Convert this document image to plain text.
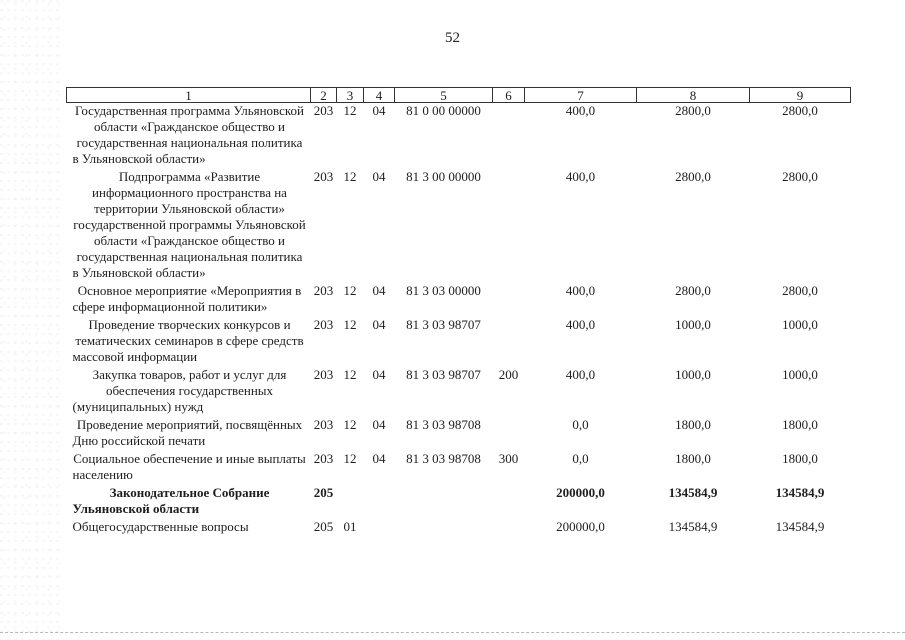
52
1	2	3	4	5	6	7	8	9
Государственная программа Ульяновской области «Гражданское общество и государственная национальная политика в Ульяновской области»	203	12	04	81 0 00 00000		400,0	2800,0	2800,0
Подпрограмма «Развитие информационного пространства на территории Ульяновской области» государственной программы Ульяновской области «Гражданское общество и государственная национальная политика в Ульяновской области»	203	12	04	81 3 00 00000		400,0	2800,0	2800,0
Основное мероприятие «Мероприятия в сфере информационной политики»	203	12	04	81 3 03 00000		400,0	2800,0	2800,0
Проведение творческих конкурсов и тематических семинаров в сфере средств массовой информации	203	12	04	81 3 03 98707		400,0	1000,0	1000,0
Закупка товаров, работ и услуг для обеспечения государственных (муниципальных) нужд	203	12	04	81 3 03 98707	200	400,0	1000,0	1000,0
Проведение мероприятий, посвящённых Дню российской печати	203	12	04	81 3 03 98708		0,0	1800,0	1800,0
Социальное обеспечение и иные выплаты населению	203	12	04	81 3 03 98708	300	0,0	1800,0	1800,0
Законодательное Собрание Ульяновской области	205					200000,0	134584,9	134584,9
Общегосударственные вопросы	205	01				200000,0	134584,9	134584,9
